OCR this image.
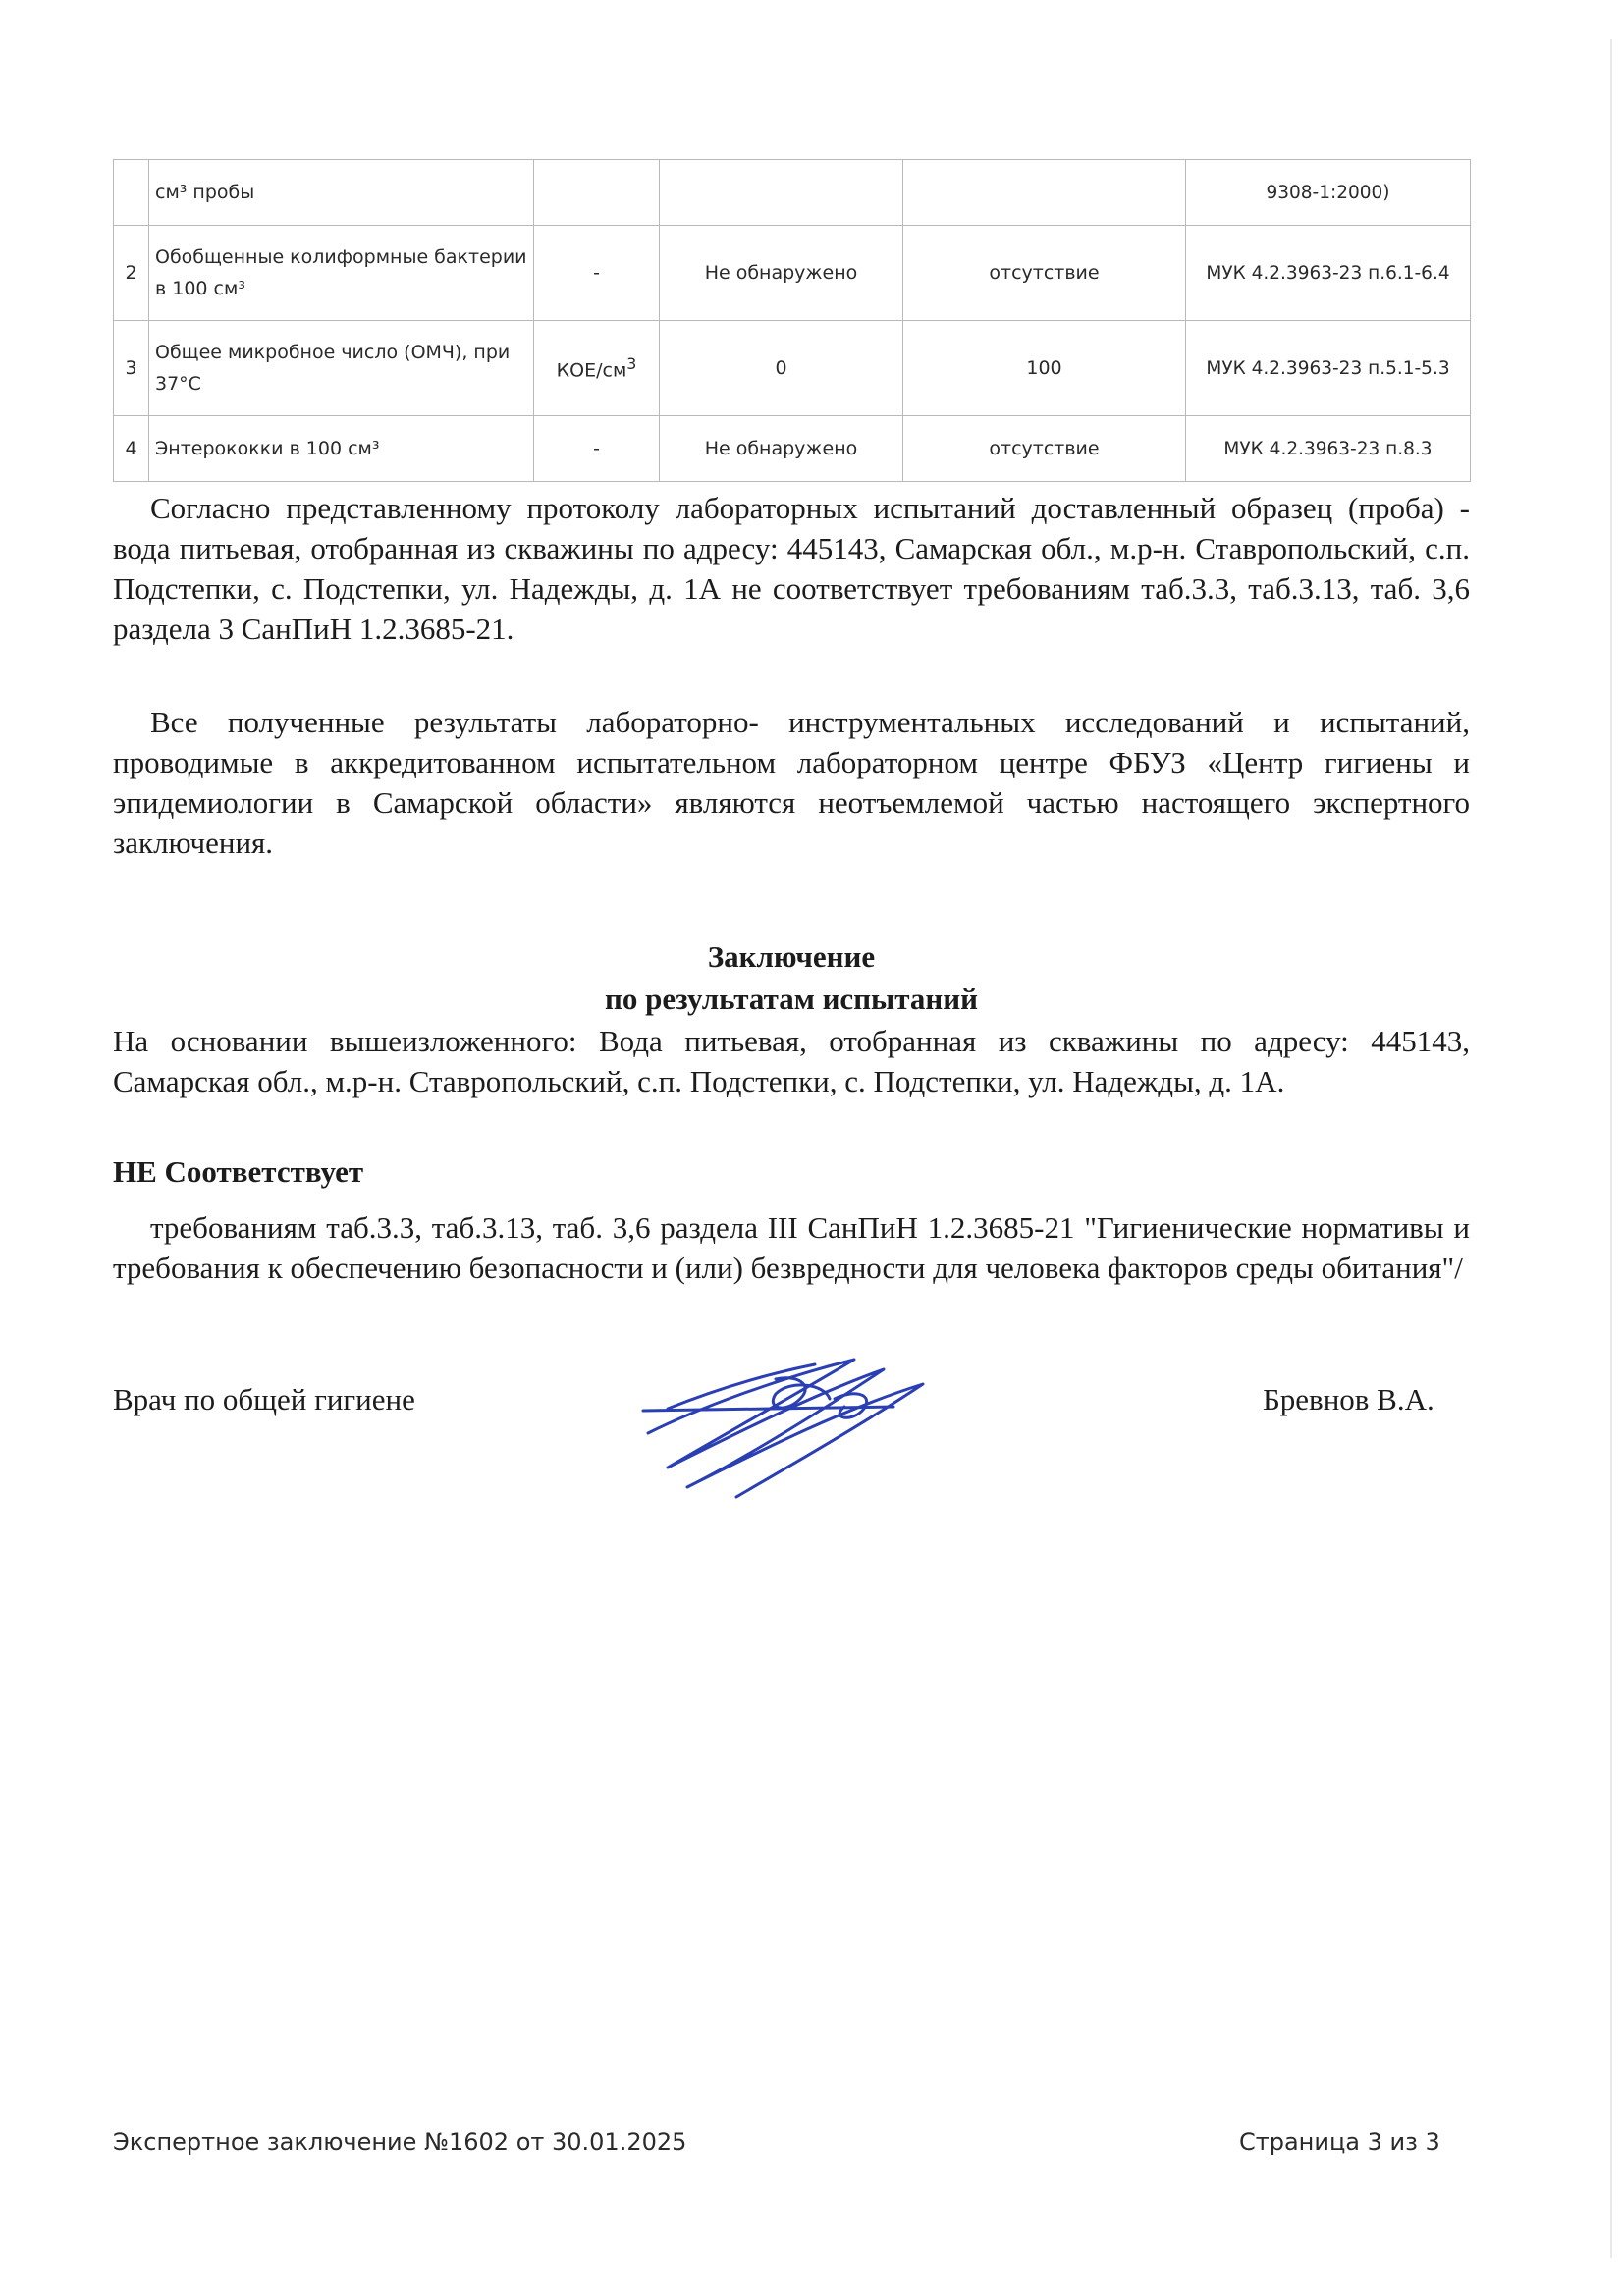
	см³ пробы				9308-1:2000)
2	Обобщенные колиформные бактерии в 100 см³	-	Не обнаружено	отсутствие	МУК 4.2.3963-23 п.6.1-6.4
3	Общее микробное число (ОМЧ), при 37°С	КОЕ/$см^3$	0	100	МУК 4.2.3963-23 п.5.1-5.3
4	Энтерококки в 100 см³	-	Не обнаружено	отсутствие	МУК 4.2.3963-23 п.8.3

Согласно представленному протоколу лабораторных испытаний доставленный образец (проба) - вода питьевая, отобранная из скважины по адресу: 445143, Самарская обл., м.р-н. Ставропольский, с.п. Подстепки, с. Подстепки, ул. Надежды, д. 1А не соответствует требованиям таб.3.3, таб.3.13, таб. 3,6 раздела 3 СанПиН 1.2.3685-21.

Все полученные результаты лабораторно- инструментальных исследований и испытаний, проводимые в аккредитованном испытательном лабораторном центре ФБУЗ «Центр гигиены и эпидемиологии в Самарской области» являются неотъемлемой частью настоящего экспертного заключения.

Заключение

по результатам испытаний

На основании вышеизложенного: Вода питьевая, отобранная из скважины по адресу: 445143, Самарская обл., м.р-н. Ставропольский, с.п. Подстепки, с. Подстепки, ул. Надежды, д. 1А.

НЕ Соответствует

требованиям таб.3.3, таб.3.13, таб. 3,6 раздела III СанПиН 1.2.3685-21 "Гигиенические нормативы и требования к обеспечению безопасности и (или) безвредности для человека факторов среды обитания"/

Врач по общей гигиене	Бревнов В.А.
Экспертное заключение №1602 от 30.01.2025	Страница 3 из 3
